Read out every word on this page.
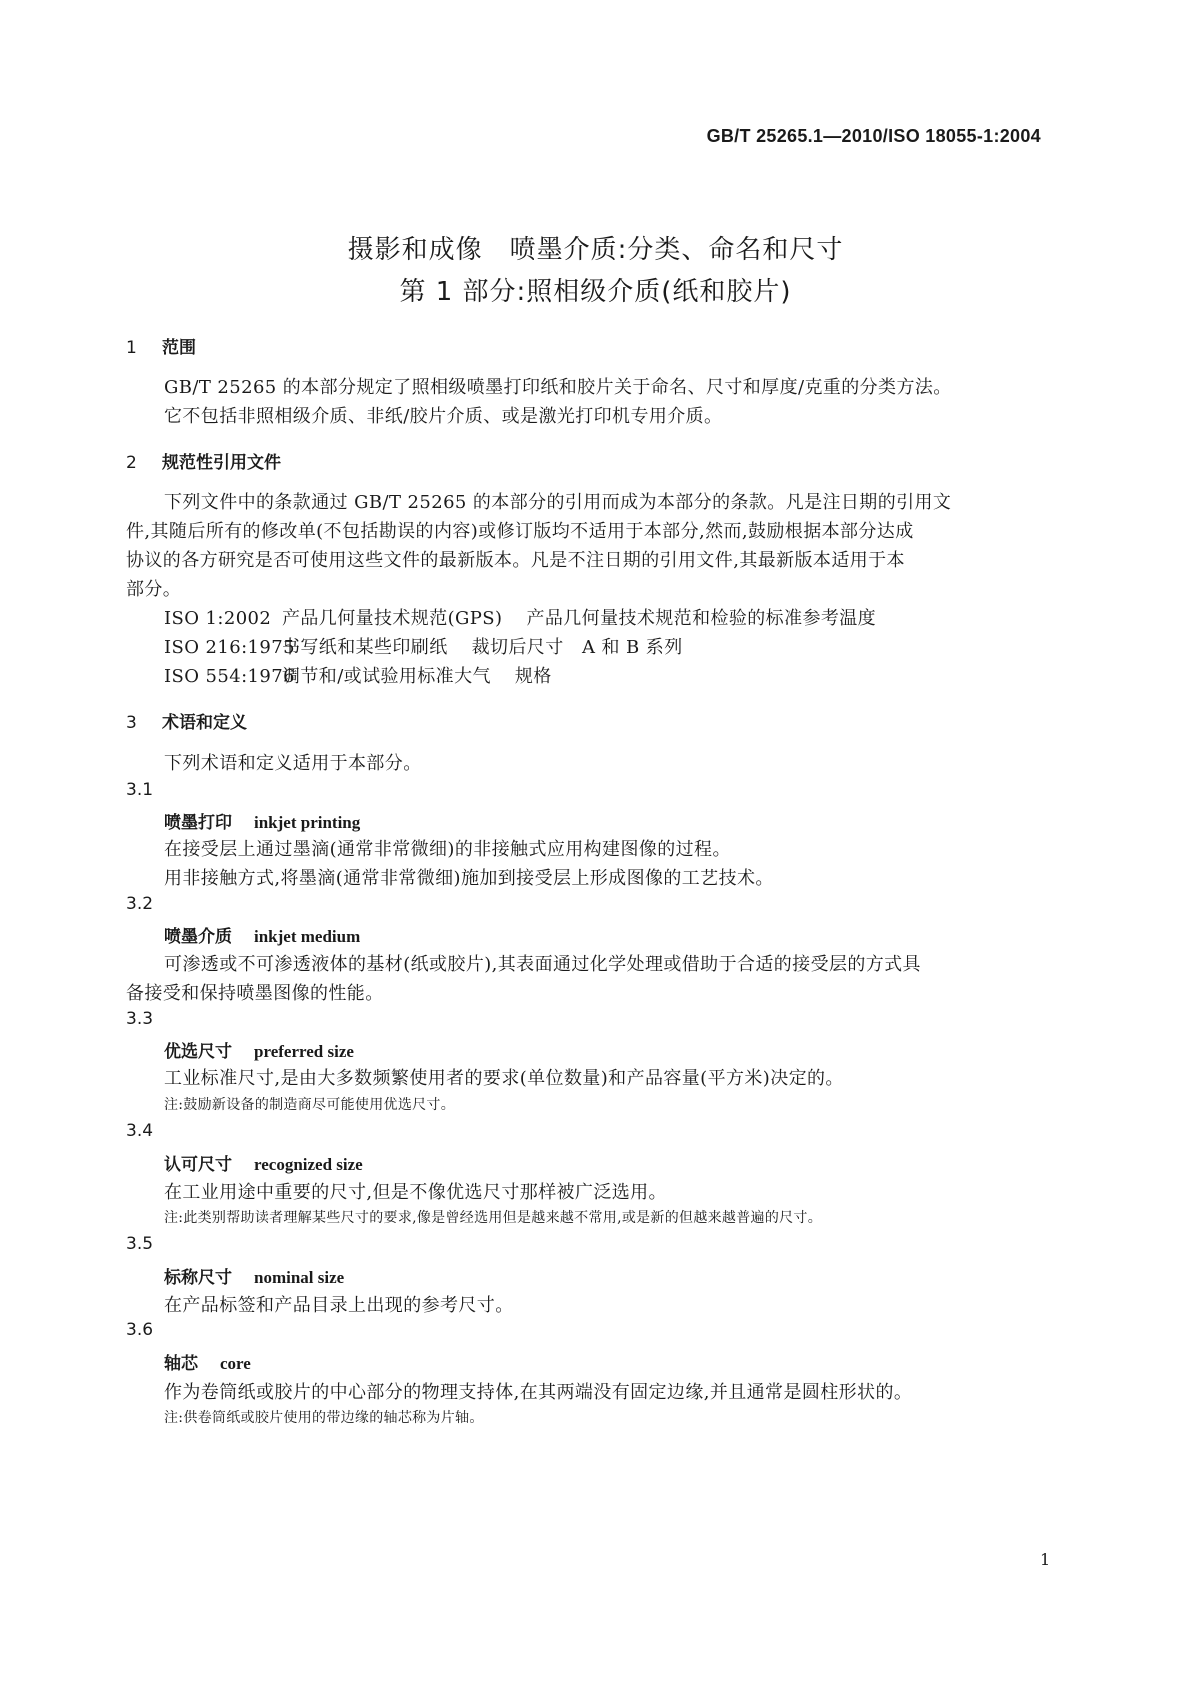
GB/T 25265.1—2010/ISO 18055-1:2004
摄影和成像　喷墨介质:分类、命名和尺寸
第 1 部分:照相级介质(纸和胶片)
1 范围
GB/T 25265 的本部分规定了照相级喷墨打印纸和胶片关于命名、尺寸和厚度/克重的分类方法。
它不包括非照相级介质、非纸/胶片介质、或是激光打印机专用介质。
2 规范性引用文件
下列文件中的条款通过 GB/T 25265 的本部分的引用而成为本部分的条款。凡是注日期的引用文
件,其随后所有的修改单(不包括勘误的内容)或修订版均不适用于本部分,然而,鼓励根据本部分达成
协议的各方研究是否可使用这些文件的最新版本。凡是不注日期的引用文件,其最新版本适用于本
部分。
ISO 1:2002 产品几何量技术规范(GPS) 产品几何量技术规范和检验的标准参考温度
ISO 216:1975书写纸和某些印刷纸 裁切后尺寸　A 和 B 系列
ISO 554:1976调节和/或试验用标准大气 规格
3 术语和定义
下列术语和定义适用于本部分。
3.1
喷墨打印 inkjet printing
在接受层上通过墨滴(通常非常微细)的非接触式应用构建图像的过程。
用非接触方式,将墨滴(通常非常微细)施加到接受层上形成图像的工艺技术。
3.2
喷墨介质 inkjet medium
可渗透或不可渗透液体的基材(纸或胶片),其表面通过化学处理或借助于合适的接受层的方式具
备接受和保持喷墨图像的性能。
3.3
优选尺寸 preferred size
工业标准尺寸,是由大多数频繁使用者的要求(单位数量)和产品容量(平方米)决定的。
注:鼓励新设备的制造商尽可能使用优选尺寸。
3.4
认可尺寸 recognized size
在工业用途中重要的尺寸,但是不像优选尺寸那样被广泛选用。
注:此类别帮助读者理解某些尺寸的要求,像是曾经选用但是越来越不常用,或是新的但越来越普遍的尺寸。
3.5
标称尺寸 nominal size
在产品标签和产品目录上出现的参考尺寸。
3.6
轴芯 core
作为卷筒纸或胶片的中心部分的物理支持体,在其两端没有固定边缘,并且通常是圆柱形状的。
注:供卷筒纸或胶片使用的带边缘的轴芯称为片轴。
1
